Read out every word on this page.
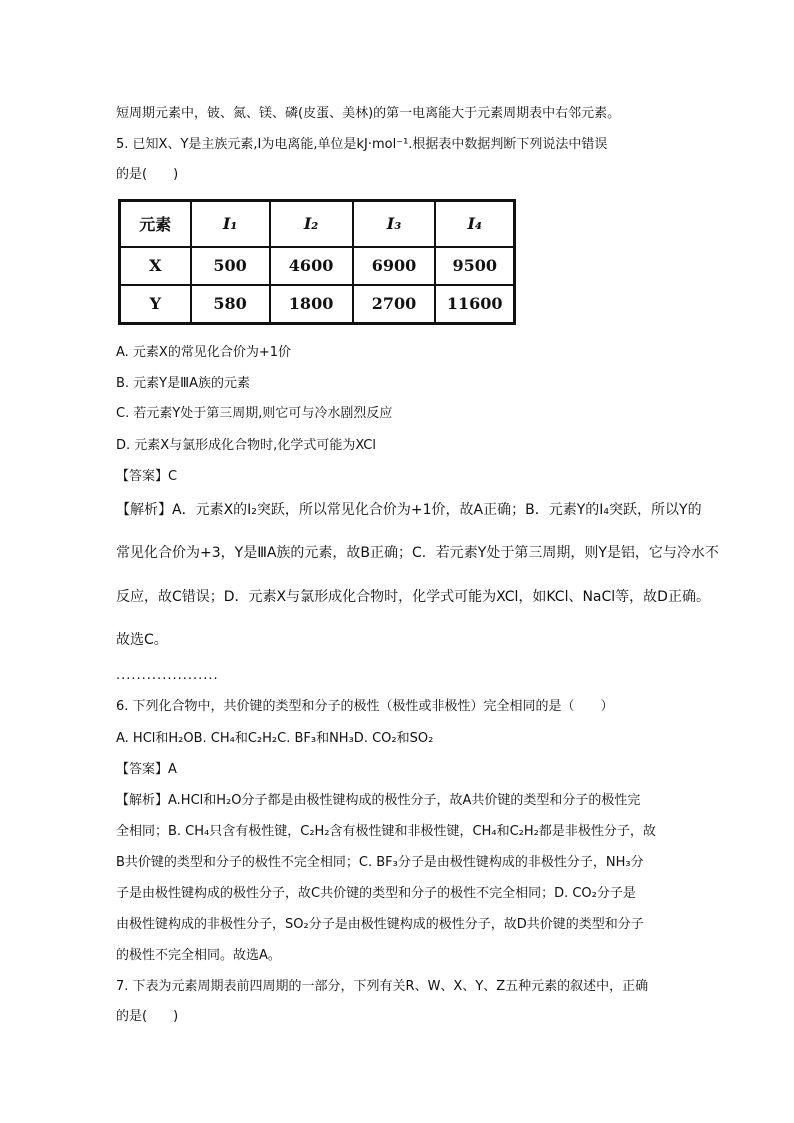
短周期元素中，铍、氮、镁、磷(皮蛋、美林)的第一电离能大于元素周期表中右邻元素。
5. 已知X、Y是主族元素,I为电离能,单位是kJ·mol⁻¹.根据表中数据判断下列说法中错误
的是(　　)
元素	I₁	I₂	I₃	I₄
X	500	4600	6900	9500
Y	580	1800	2700	11600
A. 元素X的常见化合价为+1价
B. 元素Y是ⅢA族的元素
C. 若元素Y处于第三周期,则它可与冷水剧烈反应
D. 元素X与氯形成化合物时,化学式可能为XCl
【答案】C
【解析】A．元素X的I₂突跃，所以常见化合价为+1价，故A正确；B．元素Y的I₄突跃，所以Y的
常见化合价为+3，Y是ⅢA族的元素，故B正确；C．若元素Y处于第三周期，则Y是铝，它与冷水不
反应，故C错误；D．元素X与氯形成化合物时，化学式可能为XCl，如KCl、NaCl等，故D正确。
故选C。
....................
6. 下列化合物中，共价键的类型和分子的极性（极性或非极性）完全相同的是（　　）
A. HCl和H₂OB. CH₄和C₂H₂C. BF₃和NH₃D. CO₂和SO₂
【答案】A
【解析】A.HCl和H₂O分子都是由极性键构成的极性分子，故A共价键的类型和分子的极性完
全相同；B. CH₄只含有极性键，C₂H₂含有极性键和非极性键，CH₄和C₂H₂都是非极性分子，故
B共价键的类型和分子的极性不完全相同；C. BF₃分子是由极性键构成的非极性分子，NH₃分
子是由极性键构成的极性分子，故C共价键的类型和分子的极性不完全相同；D. CO₂分子是
由极性键构成的非极性分子，SO₂分子是由极性键构成的极性分子，故D共价键的类型和分子
的极性不完全相同。故选A。
7. 下表为元素周期表前四周期的一部分，下列有关R、W、X、Y、Z五种元素的叙述中，正确
的是(　　)
